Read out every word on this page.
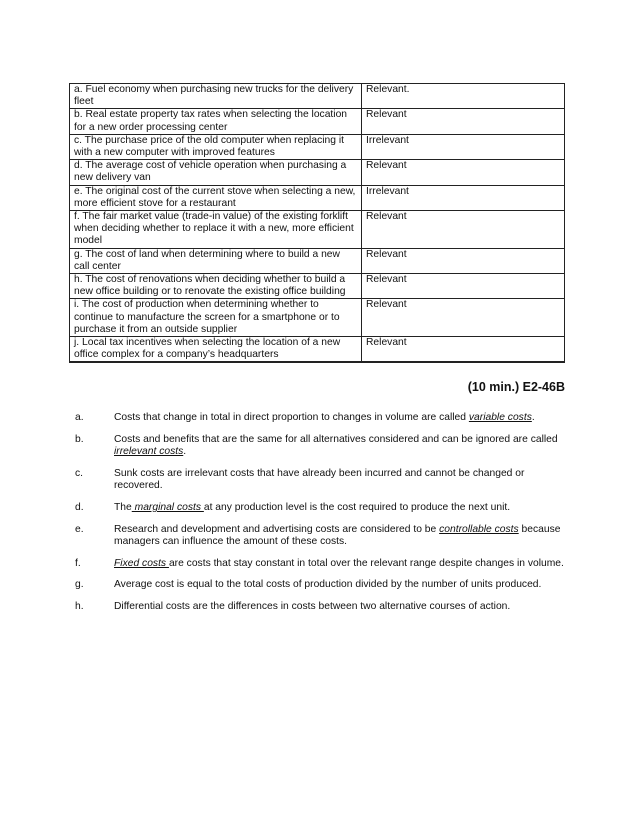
a. Fuel economy when purchasing new trucks for the delivery fleet	Relevant.
b. Real estate property tax rates when selecting the location for a new order processing center	Relevant
c. The purchase price of the old computer when replacing it with a new computer with improved features	Irrelevant
d. The average cost of vehicle operation when purchasing a new delivery van	Relevant
e. The original cost of the current stove when selecting a new, more efficient stove for a restaurant	Irrelevant
f. The fair market value (trade-in value) of the existing forklift when deciding whether to replace it with a new, more efficient model	Relevant
g. The cost of land when determining where to build a new call center	Relevant
h. The cost of renovations when deciding whether to build a new office building or to renovate the existing office building	Relevant
i. The cost of production when determining whether to continue to manufacture the screen for a smartphone or to purchase it from an outside supplier	Relevant
j. Local tax incentives when selecting the location of a new office complex for a company’s headquarters	Relevant
(10 min.) E2-46B
a.	Costs that change in total in direct proportion to changes in volume are called variable costs.
b.	Costs and benefits that are the same for all alternatives considered and can be ignored are called irrelevant costs.
c.	Sunk costs are irrelevant costs that have already been incurred and cannot be changed or recovered.
d.	The marginal costs at any production level is the cost required to produce the next unit.
e.	Research and development and advertising costs are considered to be controllable costs because managers can influence the amount of these costs.
f.	Fixed costs are costs that stay constant in total over the relevant range despite changes in volume.
g.	Average cost is equal to the total costs of production divided by the number of units produced.
h.	Differential costs are the differences in costs between two alternative courses of action.
